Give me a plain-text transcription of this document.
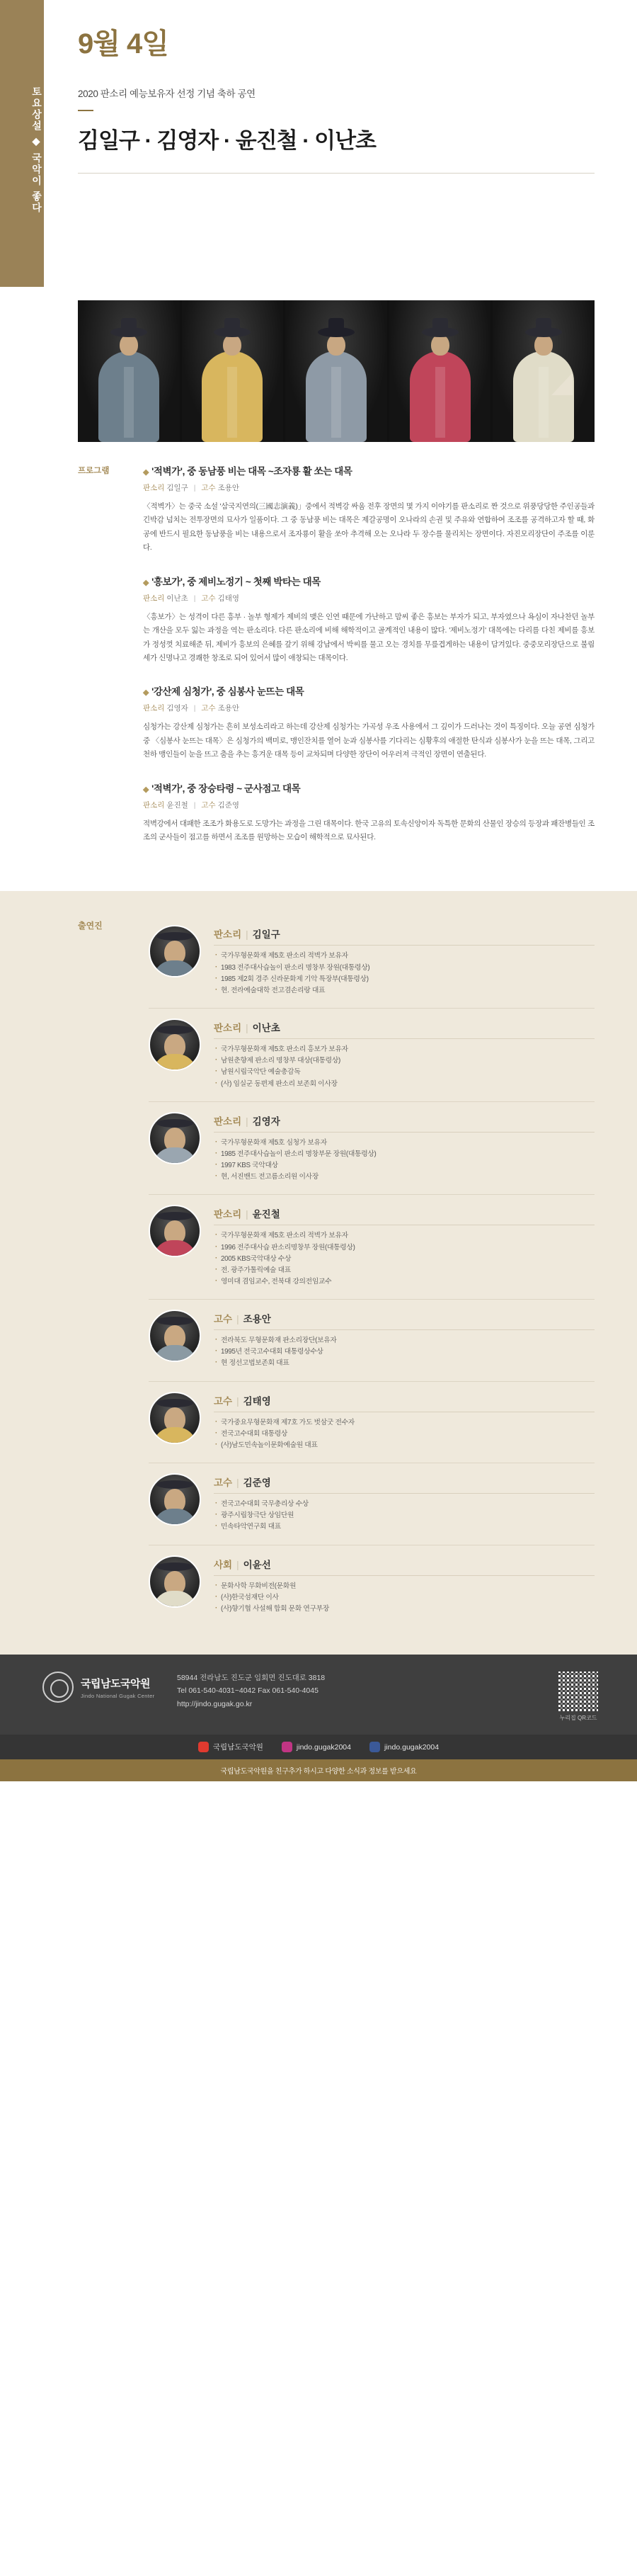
토요상설 ◆ 국악이 좋다
9월 4일
2020 판소리 예능보유자 선정 기념 축하 공연
김일구 · 김영자 · 윤진철 · 이난초
프로그램	◆ '적벽가', 중 동남풍 비는 대목 ~조자룡 활 쏘는 대목
판소리 김일구 | 고수 조용안
〈적벽가〉는 중국 소설 '삼국지연의(三國志演義)」중에서 적벽강 싸움 전후 장면의 몇 가지 이야기를 판소리로 짠 것으로 위풍당당한 주인공들과 긴박감 넘치는 전투장면의 묘사가 일품이다. 그 중 동남풍 비는 대목은 제갈공명이 오나라의 손권 및 주유와 연합하여 조조를 공격하고자 할 때, 화공에 반드시 필요한 동남풍을 비는 내용으로서 조자룡이 활을 쏘아 추격해 오는 오나라 두 장수를 물리치는 장면이다. 자진모리장단이 주조를 이룬다.
◆ '흥보가', 중 제비노정기 ~ 첫째 박타는 대목
판소리 이난초 | 고수 김태영
〈흥보가〉는 성격이 다른 흥부 · 놀부 형제가 제비의 맺은 인연 때문에 가난하고 맘씨 좋은 흥보는 부자가 되고, 부자였으나 욕심이 자나찬던 놀부는 개산을 모두 잃는 과정을 역는 판소리다. 다른 판소리에 비해 해학적이고 골계적인 내용이 많다. '제비노정기' 대목에는 다리를 다친 제비를 흥보가 정성껏 치료해준 뒤, 제비가 흥보의 은혜를 갚기 위해 강남에서 박씨를 물고 오는 경치를 무릎겹게하는 내용이 담겨있다. 중중모리장단으로 불림세가 신명나고 경쾌한 창조로 되어 있어서 많이 애창되는 대목이다.
◆ '강산제 심청가', 중 심봉사 눈뜨는 대목
판소리 김영자 | 고수 조용안
심청가는 강산제 심청가는 흔히 보성소리라고 하는데 강산제 심청가는 가곡성 우조 사용에서 그 깊이가 드러나는 것이 특징이다. 오늘 공연 심청가 중 〈심봉사 눈뜨는 대목〉은 심청가의 백미로, 맹인잔치를 열어 눈과 심봉사를 기다리는 심황후의 애절한 탄식과 심봉사가 눈을 뜨는 대목, 그리고 천하 맹인들이 눈을 뜨고 춤을 추는 흥겨운 대목 등이 교차되며 다양한 장단이 어우러져 극적인 장면이 연출된다.
◆ '적벽가', 중 장승타령 ~ 군사점고 대목
판소리 윤진철 | 고수 김준영
적벽강에서 대패한 조조가 화용도로 도망가는 과정을 그린 대목이다. 한국 고유의 토속신앙이자 독특한 문화의 산물인 장승의 등장과 패잔병들인 조조의 군사들이 점고를 하면서 조조를 원망하는 모습이 해학적으로 묘사된다.
출연진
판소리 | 김일구
· 국가무형문화재 제5호 판소리 적벽가 보유자
· 1983 전주대사습놀이 판소리 명창부 장원(대통령상)
· 1985 제2회 경주 신라문화제 기악 특장부(대통령상)
· 현. 전라예술대학 전고겸손리랑 대표
판소리 | 이난초
· 국가무형문화재 제5호 판소리 흥보가 보유자
· 남원춘향제 판소리 명창부 대상(대통령상)
· 남원시립국악단 예술총감독
· (사) 임실군 동편제 판소리 보존회 이사장
판소리 | 김영자
· 국가무형문화재 제5호 심청가 보유자
· 1985 전주대사습놀이 판소리 명창부문 장원(대통령상)
· 1997 KBS 국악대상
· 현, 서진밴드 전고름소리원 이사장
판소리 | 윤진철
· 국가무형문화재 제5호 판소리 적벽가 보유자
· 1996 전주대사습 판소리명창부 장원(대통령상)
· 2005 KBS국악대상 수상
· 전. 광주가톨릭예술 대표
· 영미대 겸임교수, 전북대 강의전임교수
고수 | 조용안
· 전라북도 무형문화재 판소리장단(보유자
· 1995년 전국고수대회 대통령상수상
· 현 정선고법보존회 대표
고수 | 김태영
· 국가중요무형문화재 제7호 가도 벗삼굿 전수자
· 전국고수대회 대통령상
· (사)남도민속놀이문화예술원 대표
고수 | 김준영
· 전국고수대회 국무총리상 수상
· 광주시립창극단 상임단원
· 민속타악연구회 대표
사회 | 이윤선
· 문화사학 무화비전(문화원
· (사)한국섬재단 이사
· (사)향기협 사설해 합회 문화 연구부장
국립남도국악원
Jindo National Gugak Center
58944 전라남도 진도군 임회면 진도대로 3818
Tel 061-540-4031~4042 Fax 061-540-4045
http://jindo.gugak.go.kr
누리집 QR코드
국립남도국악원	jindo.gugak2004	jindo.gugak2004
국립남도국악원을 친구추가 하시고 다양한 소식과 정보를 받으세요
